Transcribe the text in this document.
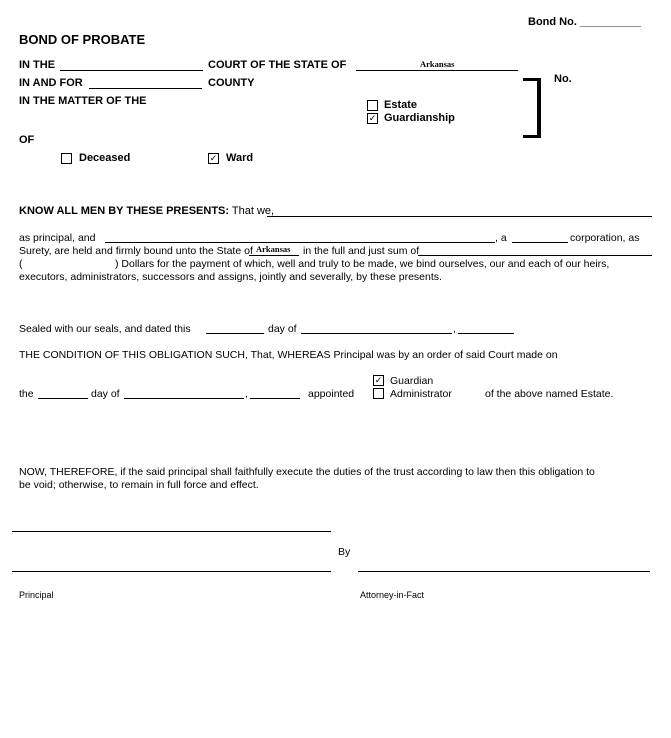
Bond No. __________
BOND OF PROBATE
IN THE	COURT OF THE STATE OF	Arkansas
IN AND FOR	COUNTY
IN THE MATTER OF THE	Estate
✓ Guardianship
No.
OF
Deceased	✓ Ward
KNOW ALL MEN BY THESE PRESENTS: That we,
as principal, and	, a	corporation, as
Surety, are held and firmly bound unto the State of Arkansas in the full and just sum of
(	) Dollars for the payment of which, well and truly to be made, we bind ourselves, our and each of our heirs,
executors, administrators, successors and assigns, jointly and severally, by these presents.
Sealed with our seals, and dated this	day of	,
THE CONDITION OF THIS OBLIGATION SUCH, That, WHEREAS Principal was by an order of said Court made on
the	day of	,	appointed
✓ Guardian
Administrator	of the above named Estate.
NOW, THEREFORE, if the said principal shall faithfully execute the duties of the trust according to law then this obligation to
be void; otherwise, to remain in full force and effect.
By
Principal	Attorney-in-Fact
